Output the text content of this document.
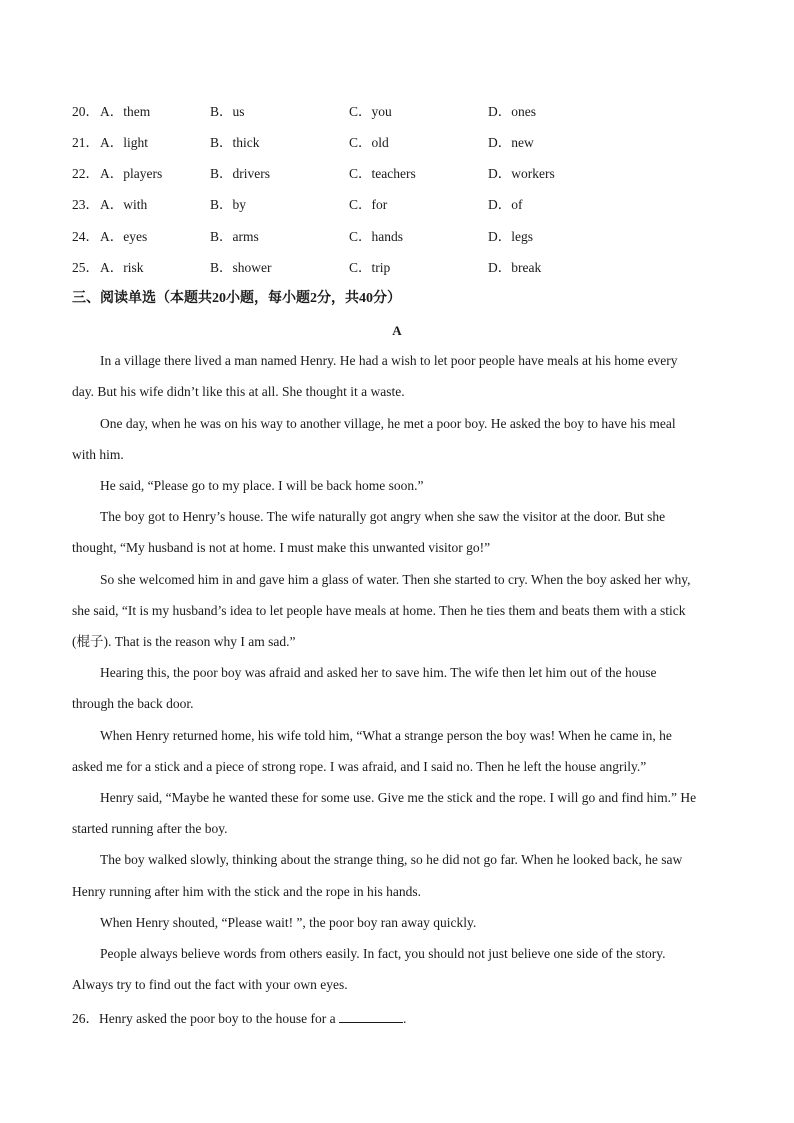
20． A．them	B．us	C．you	D．ones
21． A．light	B．thick	C．old	D．new
22． A．players	B．drivers	C．teachers	D．workers
23． A．with	B．by	C．for	D．of
24． A．eyes	B．arms	C．hands	D．legs
25． A．risk	B．shower	C．trip	D．break
三、阅读单选（本题共20小题，每小题2分，共40分）
A
In a village there lived a man named Henry. He had a wish to let poor people have meals at his home every
day. But his wife didn’t like this at all. She thought it a waste.
One day, when he was on his way to another village, he met a poor boy. He asked the boy to have his meal
with him.
He said, “Please go to my place. I will be back home soon.”
The boy got to Henry’s house. The wife naturally got angry when she saw the visitor at the door. But she
thought, “My husband is not at home. I must make this unwanted visitor go!”
So she welcomed him in and gave him a glass of water. Then she started to cry. When the boy asked her why,
she said, “It is my husband’s idea to let people have meals at home. Then he ties them and beats them with a stick
(棍子). That is the reason why I am sad.”
Hearing this, the poor boy was afraid and asked her to save him. The wife then let him out of the house
through the back door.
When Henry returned home, his wife told him, “What a strange person the boy was! When he came in, he
asked me for a stick and a piece of strong rope. I was afraid, and I said no. Then he left the house angrily.”
Henry said, “Maybe he wanted these for some use. Give me the stick and the rope. I will go and find him.” He
started running after the boy.
The boy walked slowly, thinking about the strange thing, so he did not go far. When he looked back, he saw
Henry running after him with the stick and the rope in his hands.
When Henry shouted, “Please wait! ”, the poor boy ran away quickly.
People always believe words from others easily. In fact, you should not just believe one side of the story.
Always try to find out the fact with your own eyes.
26．Henry asked the poor boy to the house for a	.
